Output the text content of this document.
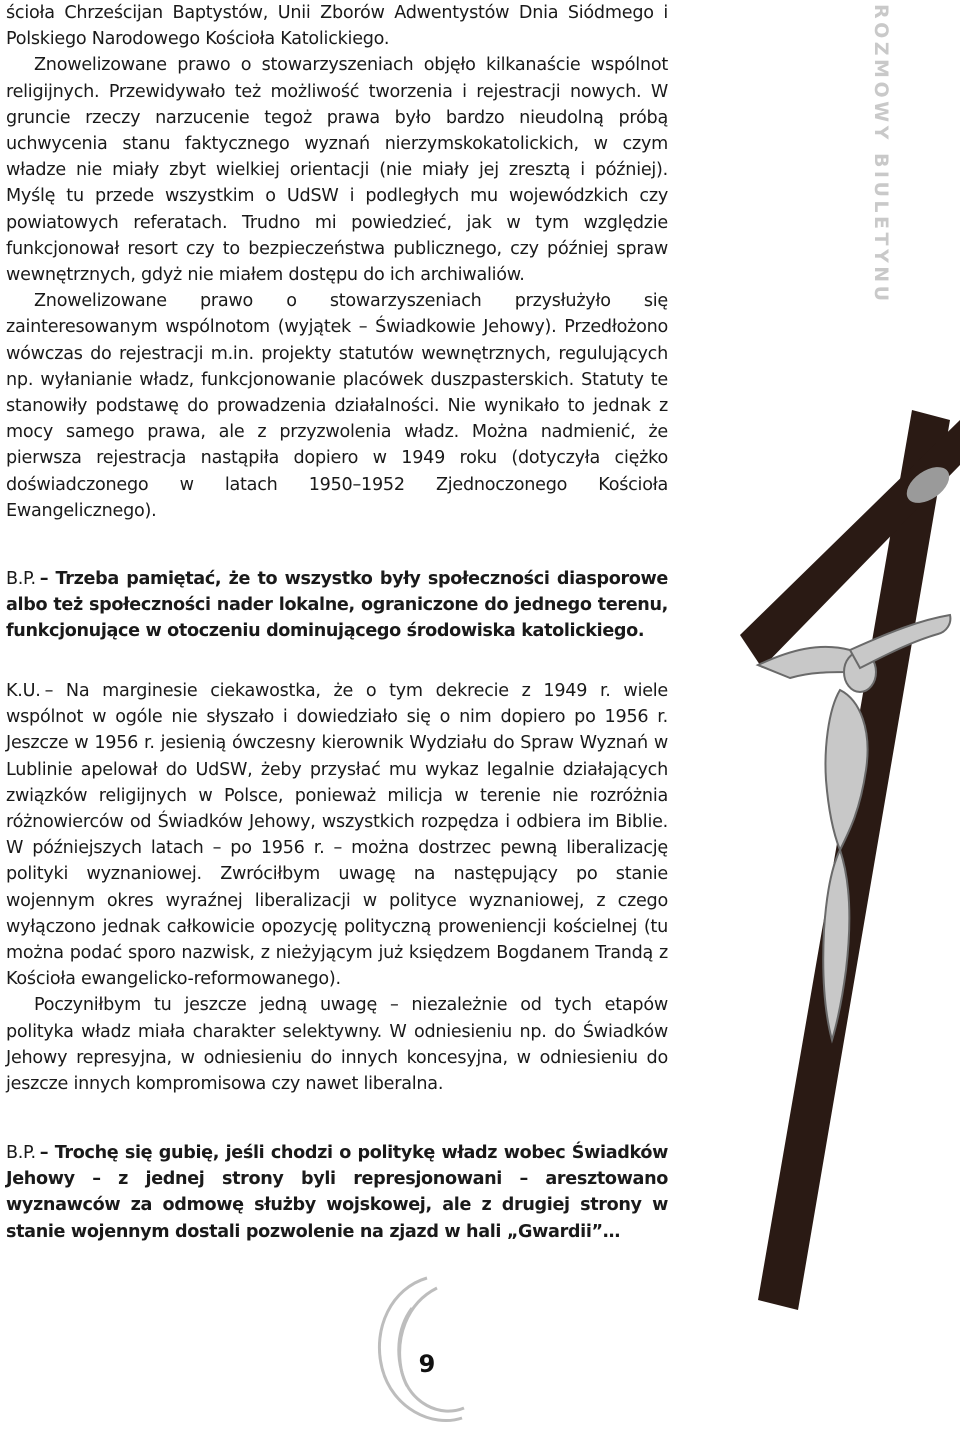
ROZMOWY BIULETYNU

ścioła Chrześcijan Baptystów, Unii Zborów Adwentystów Dnia Siódmego i Polskiego Narodowego Kościoła Katolickiego.

Znowelizowane prawo o stowarzyszeniach objęło kilkanaście wspólnot religijnych. Przewidywało też możliwość tworzenia i rejestracji nowych. W gruncie rzeczy narzucenie tegoż prawa było bardzo nieudolną próbą uchwycenia stanu faktycznego wyznań nierzymskokatolickich, w czym władze nie miały zbyt wielkiej orientacji (nie miały jej zresztą i później). Myślę tu przede wszystkim o UdSW i podległych mu wojewódzkich czy powiatowych referatach. Trudno mi powiedzieć, jak w tym względzie funkcjonował resort czy to bezpieczeństwa publicznego, czy później spraw wewnętrznych, gdyż nie miałem dostępu do ich archiwaliów.

Znowelizowane prawo o stowarzyszeniach przysłużyło się zainteresowanym wspólnotom (wyjątek – Świadkowie Jehowy). Przedłożono wówczas do rejestracji m.in. projekty statutów wewnętrznych, regulujących np. wyłanianie władz, funkcjonowanie placówek duszpasterskich. Statuty te stanowiły podstawę do prowadzenia działalności. Nie wynikało to jednak z mocy samego prawa, ale z przyzwolenia władz. Można nadmienić, że pierwsza rejestracja nastąpiła dopiero w 1949 roku (dotyczyła ciężko doświadczonego w latach 1950–1952 Zjednoczonego Kościoła Ewangelicznego).

B.P. – Trzeba pamiętać, że to wszystko były społeczności diasporowe albo też społeczności nader lokalne, ograniczone do jednego terenu, funkcjonujące w otoczeniu dominującego środowiska katolickiego.

K.U. – Na marginesie ciekawostka, że o tym dekrecie z 1949 r. wiele wspólnot w ogóle nie słyszało i dowiedziało się o nim dopiero po 1956 r. Jeszcze w 1956 r. jesienią ówczesny kierownik Wydziału do Spraw Wyznań w Lublinie apelował do UdSW, żeby przysłać mu wykaz legalnie działających związków religijnych w Polsce, ponieważ milicja w terenie nie rozróżnia różnowierców od Świadków Jehowy, wszystkich rozpędza i odbiera im Biblie. W późniejszych latach – po 1956 r. – można dostrzec pewną liberalizację polityki wyznaniowej. Zwróciłbym uwagę na następujący po stanie wojennym okres wyraźnej liberalizacji w polityce wyznaniowej, z czego wyłączono jednak całkowicie opozycję polityczną proweniencji kościelnej (tu można podać sporo nazwisk, z nieżyjącym już księdzem Bogdanem Trandą z Kościoła ewangelicko-reformowanego).

Poczyniłbym tu jeszcze jedną uwagę – niezależnie od tych etapów polityka władz miała charakter selektywny. W odniesieniu np. do Świadków Jehowy represyjna, w odniesieniu do innych koncesyjna, w odniesieniu do jeszcze innych kompromisowa czy nawet liberalna.

B.P. – Trochę się gubię, jeśli chodzi o politykę władz wobec Świadków Jehowy – z jednej strony byli represjonowani – aresztowano wyznawców za odmowę służby wojskowej, ale z drugiej strony w stanie wojennym dostali pozwolenie na zjazd w hali „Gwardii”…

9
